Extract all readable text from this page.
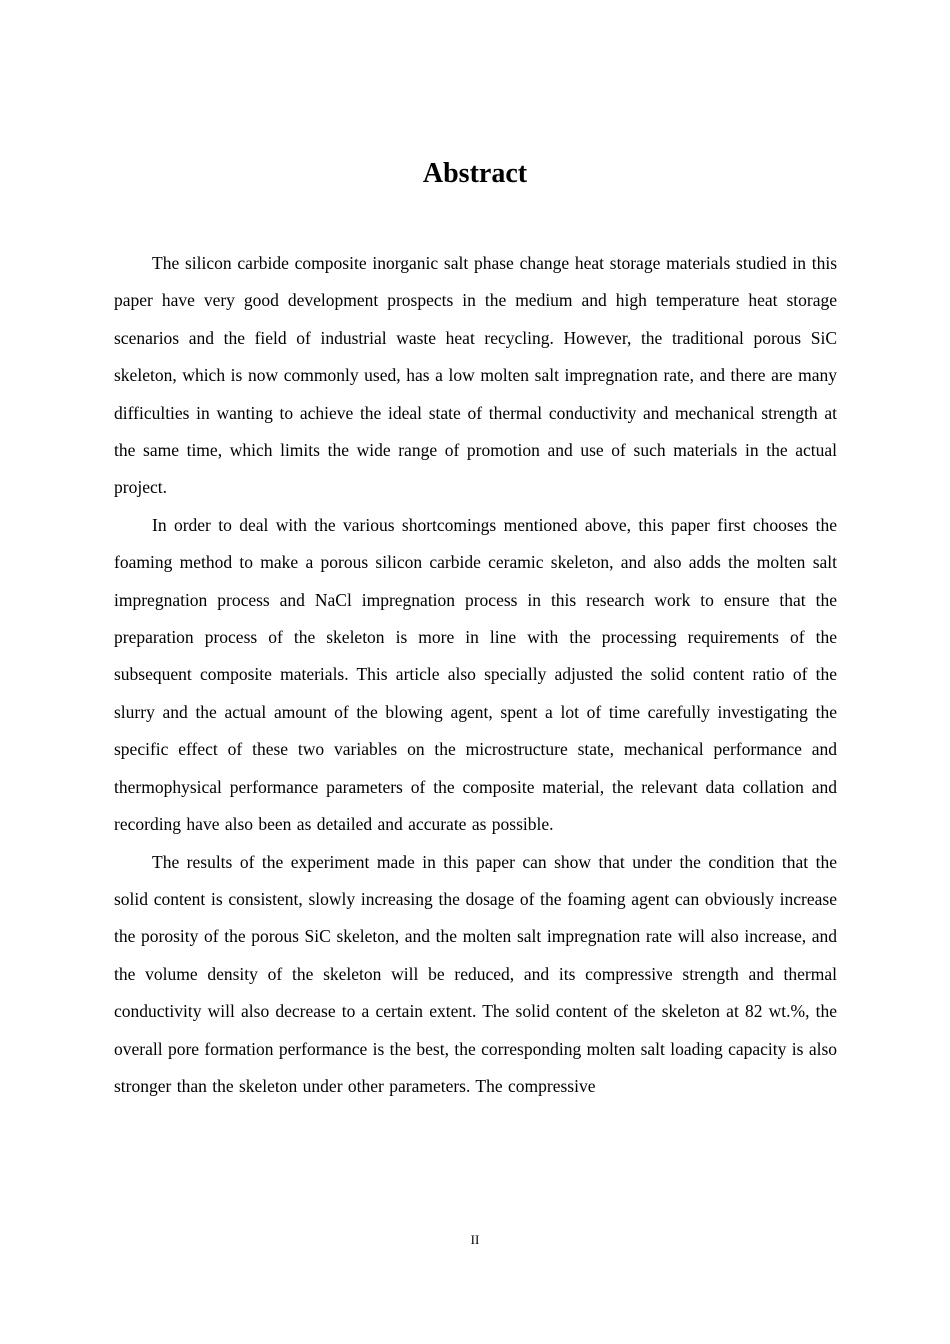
Abstract

The silicon carbide composite inorganic salt phase change heat storage materials studied in this paper have very good development prospects in the medium and high temperature heat storage scenarios and the field of industrial waste heat recycling. However, the traditional porous SiC skeleton, which is now commonly used, has a low molten salt impregnation rate, and there are many difficulties in wanting to achieve the ideal state of thermal conductivity and mechanical strength at the same time, which limits the wide range of promotion and use of such materials in the actual project.

In order to deal with the various shortcomings mentioned above, this paper first chooses the foaming method to make a porous silicon carbide ceramic skeleton, and also adds the molten salt impregnation process and NaCl impregnation process in this research work to ensure that the preparation process of the skeleton is more in line with the processing requirements of the subsequent composite materials. This article also specially adjusted the solid content ratio of the slurry and the actual amount of the blowing agent, spent a lot of time carefully investigating the specific effect of these two variables on the microstructure state, mechanical performance and thermophysical performance parameters of the composite material, the relevant data collation and recording have also been as detailed and accurate as possible.

The results of the experiment made in this paper can show that under the condition that the solid content is consistent, slowly increasing the dosage of the foaming agent can obviously increase the porosity of the porous SiC skeleton, and the molten salt impregnation rate will also increase, and the volume density of the skeleton will be reduced, and its compressive strength and thermal conductivity will also decrease to a certain extent. The solid content of the skeleton at 82 wt.%, the overall pore formation performance is the best, the corresponding molten salt loading capacity is also stronger than the skeleton under other parameters. The compressive

II
